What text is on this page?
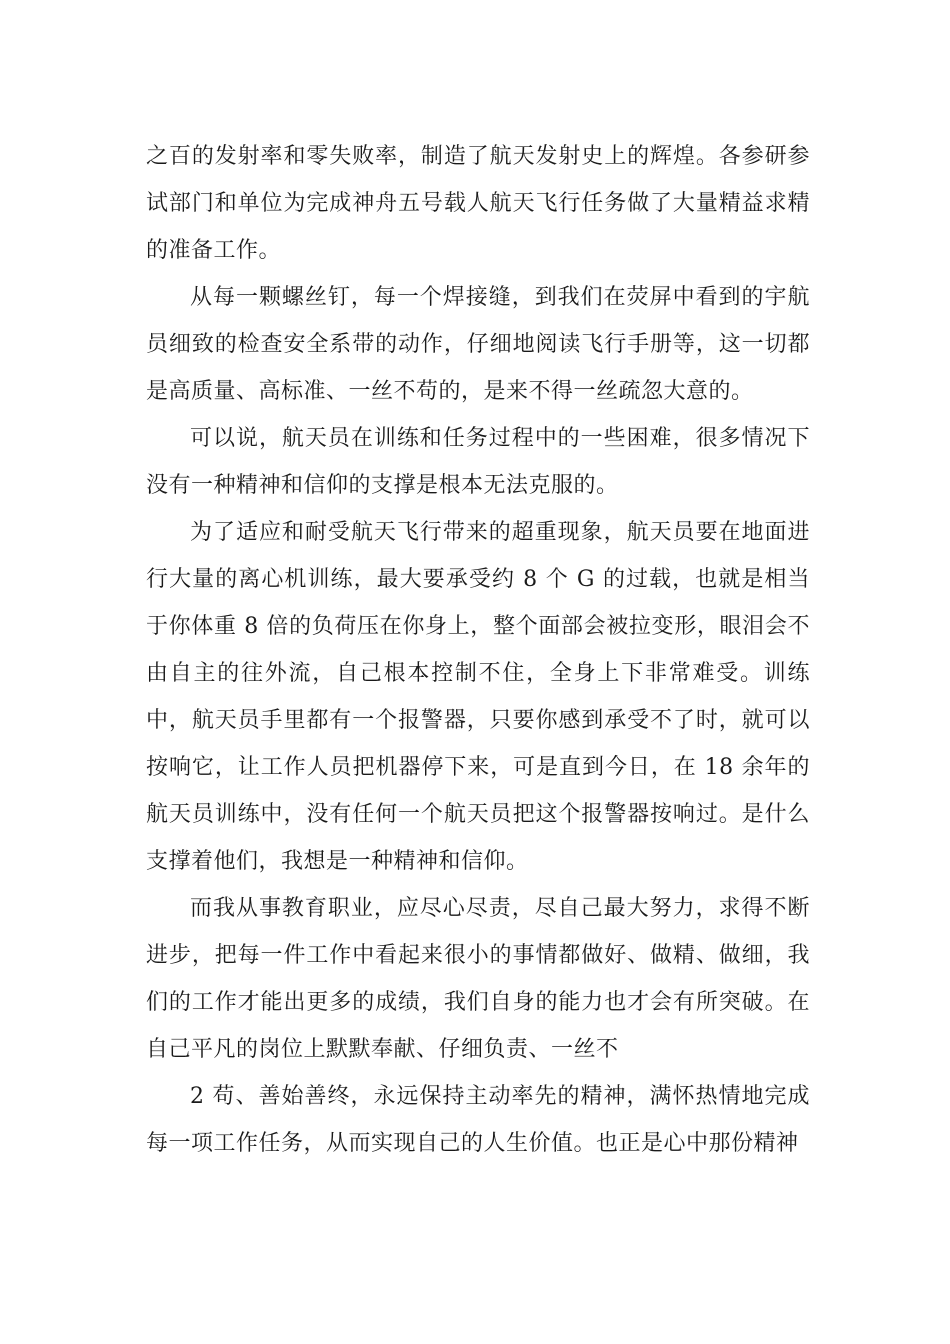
之百的发射率和零失败率，制造了航天发射史上的辉煌。各参研参试部门和单位为完成神舟五号载人航天飞行任务做了大量精益求精的准备工作。

从每一颗螺丝钉，每一个焊接缝，到我们在荧屏中看到的宇航员细致的检查安全系带的动作，仔细地阅读飞行手册等，这一切都是高质量、高标准、一丝不苟的，是来不得一丝疏忽大意的。

可以说，航天员在训练和任务过程中的一些困难，很多情况下没有一种精神和信仰的支撑是根本无法克服的。

为了适应和耐受航天飞行带来的超重现象，航天员要在地面进行大量的离心机训练，最大要承受约 8 个 G 的过载，也就是相当于你体重 8 倍的负荷压在你身上，整个面部会被拉变形，眼泪会不由自主的往外流，自己根本控制不住，全身上下非常难受。训练中，航天员手里都有一个报警器，只要你感到承受不了时，就可以按响它，让工作人员把机器停下来，可是直到今日，在 18 余年的航天员训练中，没有任何一个航天员把这个报警器按响过。是什么支撑着他们，我想是一种精神和信仰。

而我从事教育职业，应尽心尽责，尽自己最大努力，求得不断进步，把每一件工作中看起来很小的事情都做好、做精、做细，我们的工作才能出更多的成绩，我们自身的能力也才会有所突破。在自己平凡的岗位上默默奉献、仔细负责、一丝不

2 苟、善始善终，永远保持主动率先的精神，满怀热情地完成每一项工作任务，从而实现自己的人生价值。也正是心中那份精神
